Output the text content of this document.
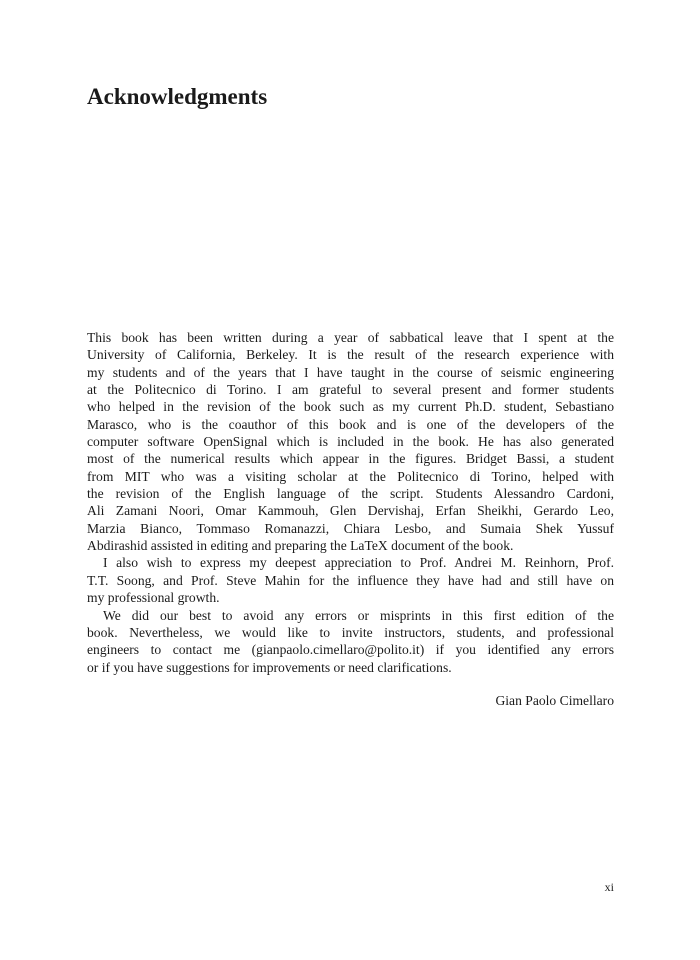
Acknowledgments
This book has been written during a year of sabbatical leave that I spent at the
University of California, Berkeley. It is the result of the research experience with
my students and of the years that I have taught in the course of seismic engineering
at the Politecnico di Torino. I am grateful to several present and former students
who helped in the revision of the book such as my current Ph.D. student, Sebastiano
Marasco, who is the coauthor of this book and is one of the developers of the
computer software OpenSignal which is included in the book. He has also generated
most of the numerical results which appear in the figures. Bridget Bassi, a student
from MIT who was a visiting scholar at the Politecnico di Torino, helped with
the revision of the English language of the script. Students Alessandro Cardoni,
Ali Zamani Noori, Omar Kammouh, Glen Dervishaj, Erfan Sheikhi, Gerardo Leo,
Marzia Bianco, Tommaso Romanazzi, Chiara Lesbo, and Sumaia Shek Yussuf
Abdirashid assisted in editing and preparing the LaTeX document of the book.
I also wish to express my deepest appreciation to Prof. Andrei M. Reinhorn, Prof.
T.T. Soong, and Prof. Steve Mahin for the influence they have had and still have on
my professional growth.
We did our best to avoid any errors or misprints in this first edition of the
book. Nevertheless, we would like to invite instructors, students, and professional
engineers to contact me (gianpaolo.cimellaro@polito.it) if you identified any errors
or if you have suggestions for improvements or need clarifications.
Gian Paolo Cimellaro
xi
